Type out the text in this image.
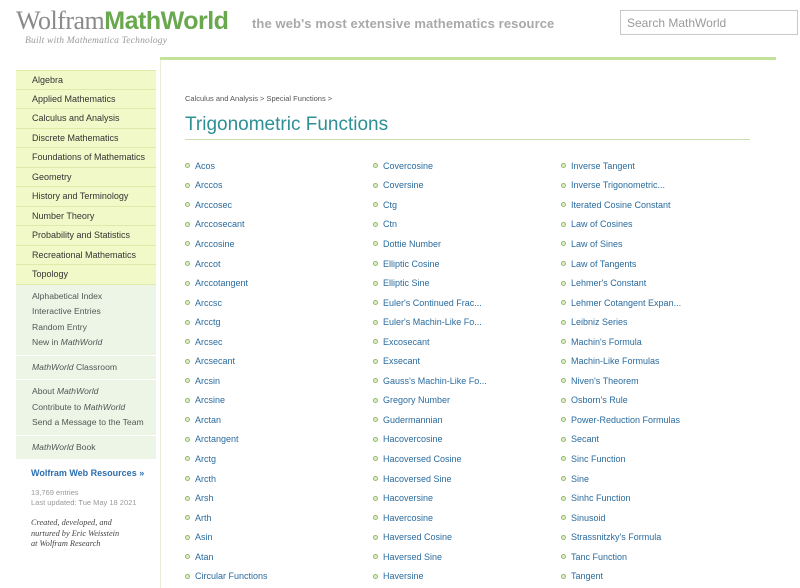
Wolfram MathWorld
Built with Mathematica Technology
the web's most extensive mathematics resource
Search MathWorld
Algebra
Applied Mathematics
Calculus and Analysis
Discrete Mathematics
Foundations of Mathematics
Geometry
History and Terminology
Number Theory
Probability and Statistics
Recreational Mathematics
Topology
Alphabetical Index
Interactive Entries
Random Entry
New in MathWorld
MathWorld Classroom
About MathWorld
Contribute to MathWorld
Send a Message to the Team
MathWorld Book
Wolfram Web Resources »
13,769 entries
Last updated: Tue May 18 2021
Created, developed, and
nurtured by Eric Weisstein
at Wolfram Research
Calculus and Analysis > Special Functions >
Trigonometric Functions
Acos
Arccos
Arccosec
Arccosecant
Arccosine
Arccot
Arccotangent
Arccsc
Arcctg
Arcsec
Arcsecant
Arcsin
Arcsine
Arctan
Arctangent
Arctg
Arcth
Arsh
Arth
Asin
Atan
Circular Functions
Covercosine
Coversine
Ctg
Ctn
Dottie Number
Elliptic Cosine
Elliptic Sine
Euler's Continued Frac...
Euler's Machin-Like Fo...
Excosecant
Exsecant
Gauss's Machin-Like Fo...
Gregory Number
Gudermannian
Hacovercosine
Hacoversed Cosine
Hacoversed Sine
Hacoversine
Havercosine
Haversed Cosine
Haversed Sine
Haversine
Inverse Tangent
Inverse Trigonometric...
Iterated Cosine Constant
Law of Cosines
Law of Sines
Law of Tangents
Lehmer's Constant
Lehmer Cotangent Expan...
Leibniz Series
Machin's Formula
Machin-Like Formulas
Niven's Theorem
Osborn's Rule
Power-Reduction Formulas
Secant
Sinc Function
Sine
Sinhc Function
Sinusoid
Strassnitzky's Formula
Tanc Function
Tangent
